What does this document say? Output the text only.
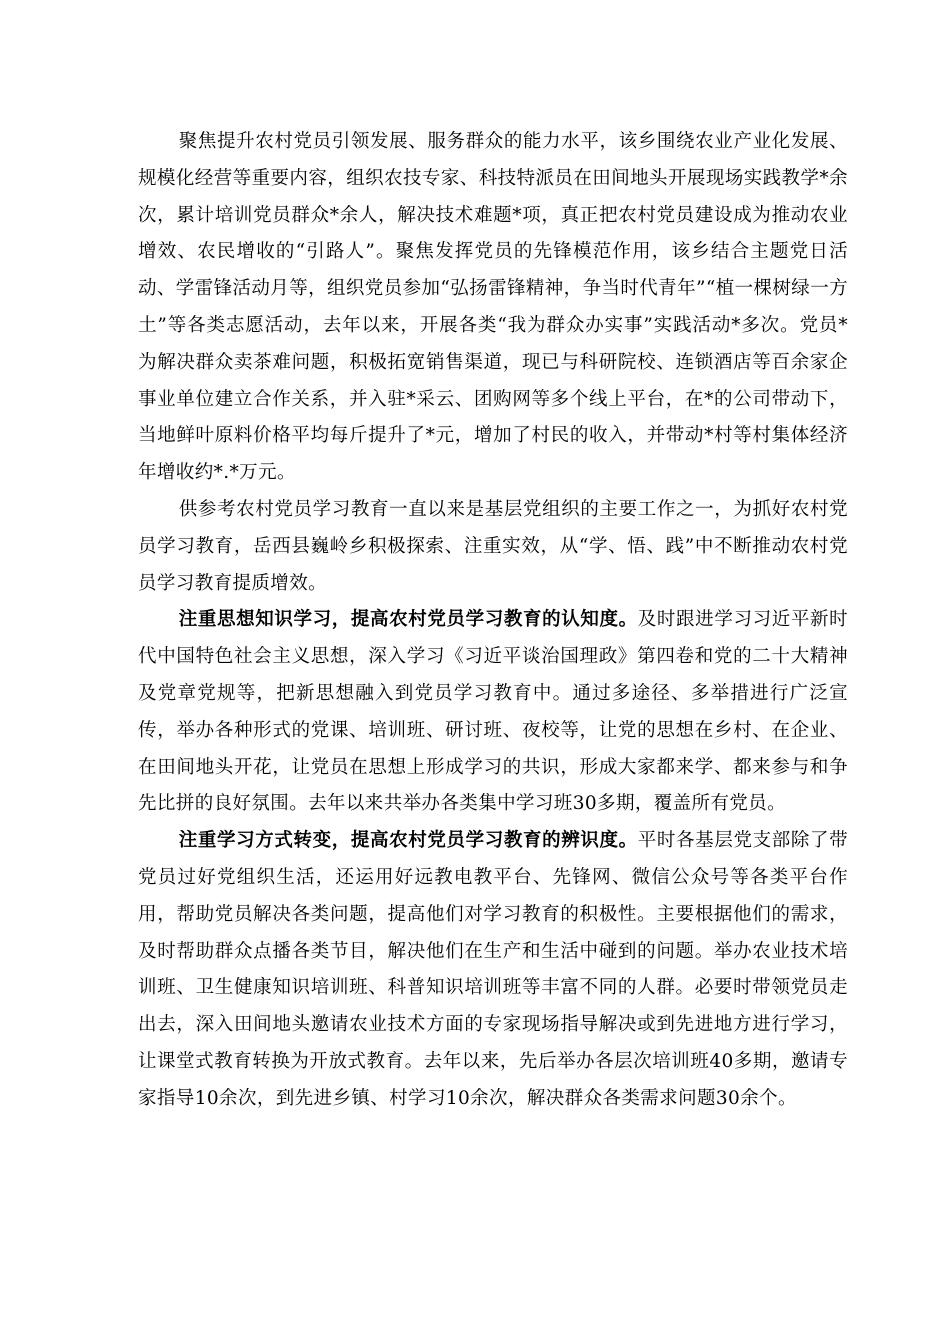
聚焦提升农村党员引领发展、服务群众的能力水平，该乡围绕农业产业化发展、规模化经营等重要内容，组织农技专家、科技特派员在田间地头开展现场实践教学*余次，累计培训党员群众*余人，解决技术难题*项，真正把农村党员建设成为推动农业增效、农民增收的“引路人”。聚焦发挥党员的先锋模范作用，该乡结合主题党日活动、学雷锋活动月等，组织党员参加“弘扬雷锋精神，争当时代青年”“植一棵树绿一方土”等各类志愿活动，去年以来，开展各类“我为群众办实事”实践活动*多次。党员*为解决群众卖茶难问题，积极拓宽销售渠道，现已与科研院校、连锁酒店等百余家企事业单位建立合作关系，并入驻*采云、团购网等多个线上平台，在*的公司带动下，当地鲜叶原料价格平均每斤提升了*元，增加了村民的收入，并带动*村等村集体经济年增收约*.*万元。

供参考农村党员学习教育一直以来是基层党组织的主要工作之一，为抓好农村党员学习教育，岳西县巍岭乡积极探索、注重实效，从“学、悟、践”中不断推动农村党员学习教育提质增效。

注重思想知识学习，提高农村党员学习教育的认知度。及时跟进学习习近平新时代中国特色社会主义思想，深入学习《习近平谈治国理政》第四卷和党的二十大精神及党章党规等，把新思想融入到党员学习教育中。通过多途径、多举措进行广泛宣传，举办各种形式的党课、培训班、研讨班、夜校等，让党的思想在乡村、在企业、在田间地头开花，让党员在思想上形成学习的共识，形成大家都来学、都来参与和争先比拼的良好氛围。去年以来共举办各类集中学习班30多期，覆盖所有党员。

注重学习方式转变，提高农村党员学习教育的辨识度。平时各基层党支部除了带党员过好党组织生活，还运用好远教电教平台、先锋网、微信公众号等各类平台作用，帮助党员解决各类问题，提高他们对学习教育的积极性。主要根据他们的需求，及时帮助群众点播各类节目，解决他们在生产和生活中碰到的问题。举办农业技术培训班、卫生健康知识培训班、科普知识培训班等丰富不同的人群。必要时带领党员走出去，深入田间地头邀请农业技术方面的专家现场指导解决或到先进地方进行学习，让课堂式教育转换为开放式教育。去年以来，先后举办各层次培训班40多期，邀请专家指导10余次，到先进乡镇、村学习10余次，解决群众各类需求问题30余个。
